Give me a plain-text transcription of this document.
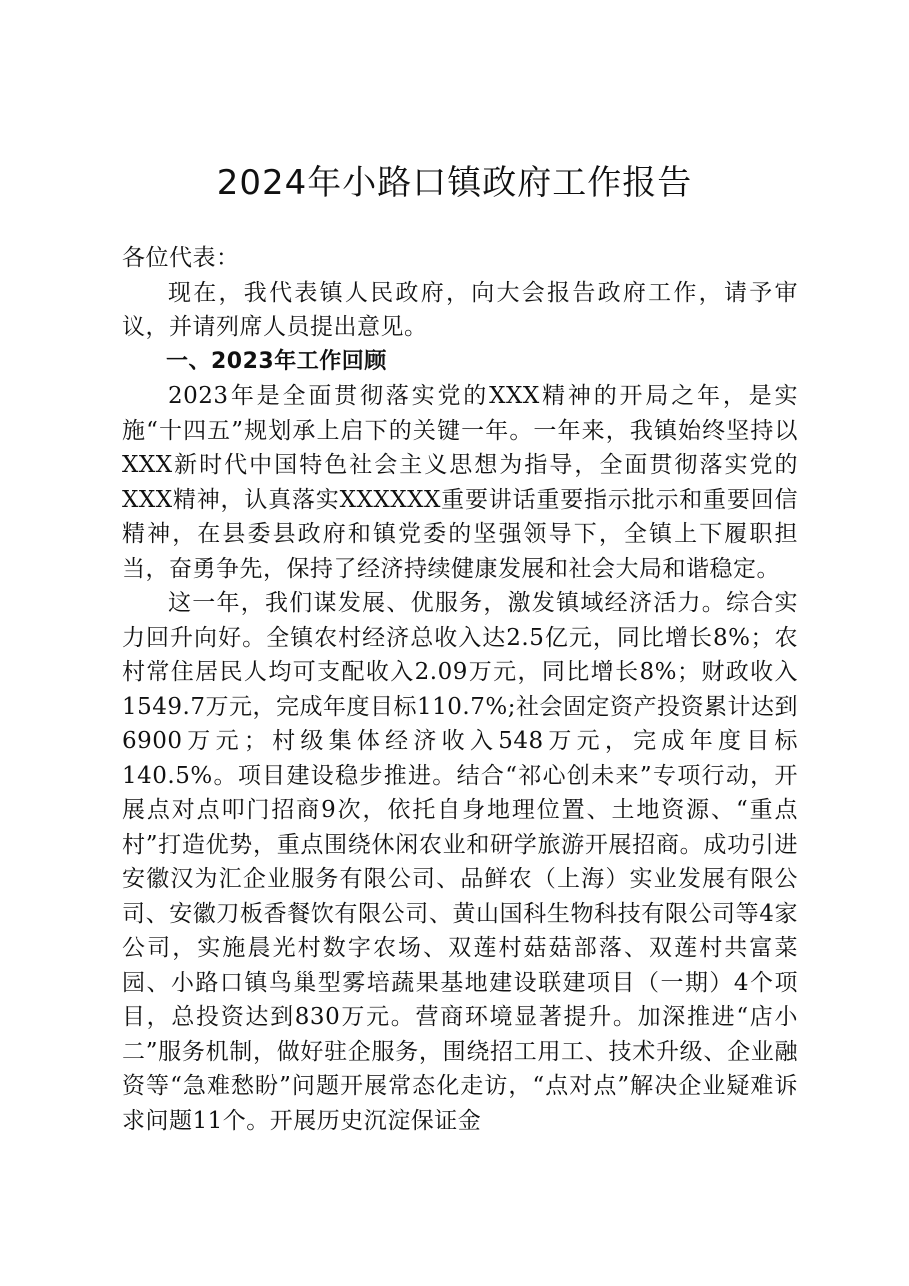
2024年小路口镇政府工作报告

各位代表：

现在，我代表镇人民政府，向大会报告政府工作，请予审议，并请列席人员提出意见。

一、2023年工作回顾

2023年是全面贯彻落实党的XXX精神的开局之年，是实施“十四五”规划承上启下的关键一年。一年来，我镇始终坚持以XXX新时代中国特色社会主义思想为指导，全面贯彻落实党的XXX精神，认真落实XXXXXX重要讲话重要指示批示和重要回信精神，在县委县政府和镇党委的坚强领导下，全镇上下履职担当，奋勇争先，保持了经济持续健康发展和社会大局和谐稳定。

这一年，我们谋发展、优服务，激发镇域经济活力。综合实力回升向好。全镇农村经济总收入达2.5亿元，同比增长8%；农村常住居民人均可支配收入2.09万元，同比增长8%；财政收入1549.7万元，完成年度目标110.7%;社会固定资产投资累计达到6900万元；村级集体经济收入548万元，完成年度目标140.5%。项目建设稳步推进。结合“祁心创未来”专项行动，开展点对点叩门招商9次，依托自身地理位置、土地资源、“重点村”打造优势，重点围绕休闲农业和研学旅游开展招商。成功引进安徽汉为汇企业服务有限公司、品鲜农（上海）实业发展有限公司、安徽刀板香餐饮有限公司、黄山国科生物科技有限公司等4家公司，实施晨光村数字农场、双莲村菇菇部落、双莲村共富菜园、小路口镇鸟巢型雾培蔬果基地建设联建项目（一期）4个项目，总投资达到830万元。营商环境显著提升。加深推进“店小二”服务机制，做好驻企服务，围绕招工用工、技术升级、企业融资等“急难愁盼”问题开展常态化走访，“点对点”解决企业疑难诉求问题11个。开展历史沉淀保证金
